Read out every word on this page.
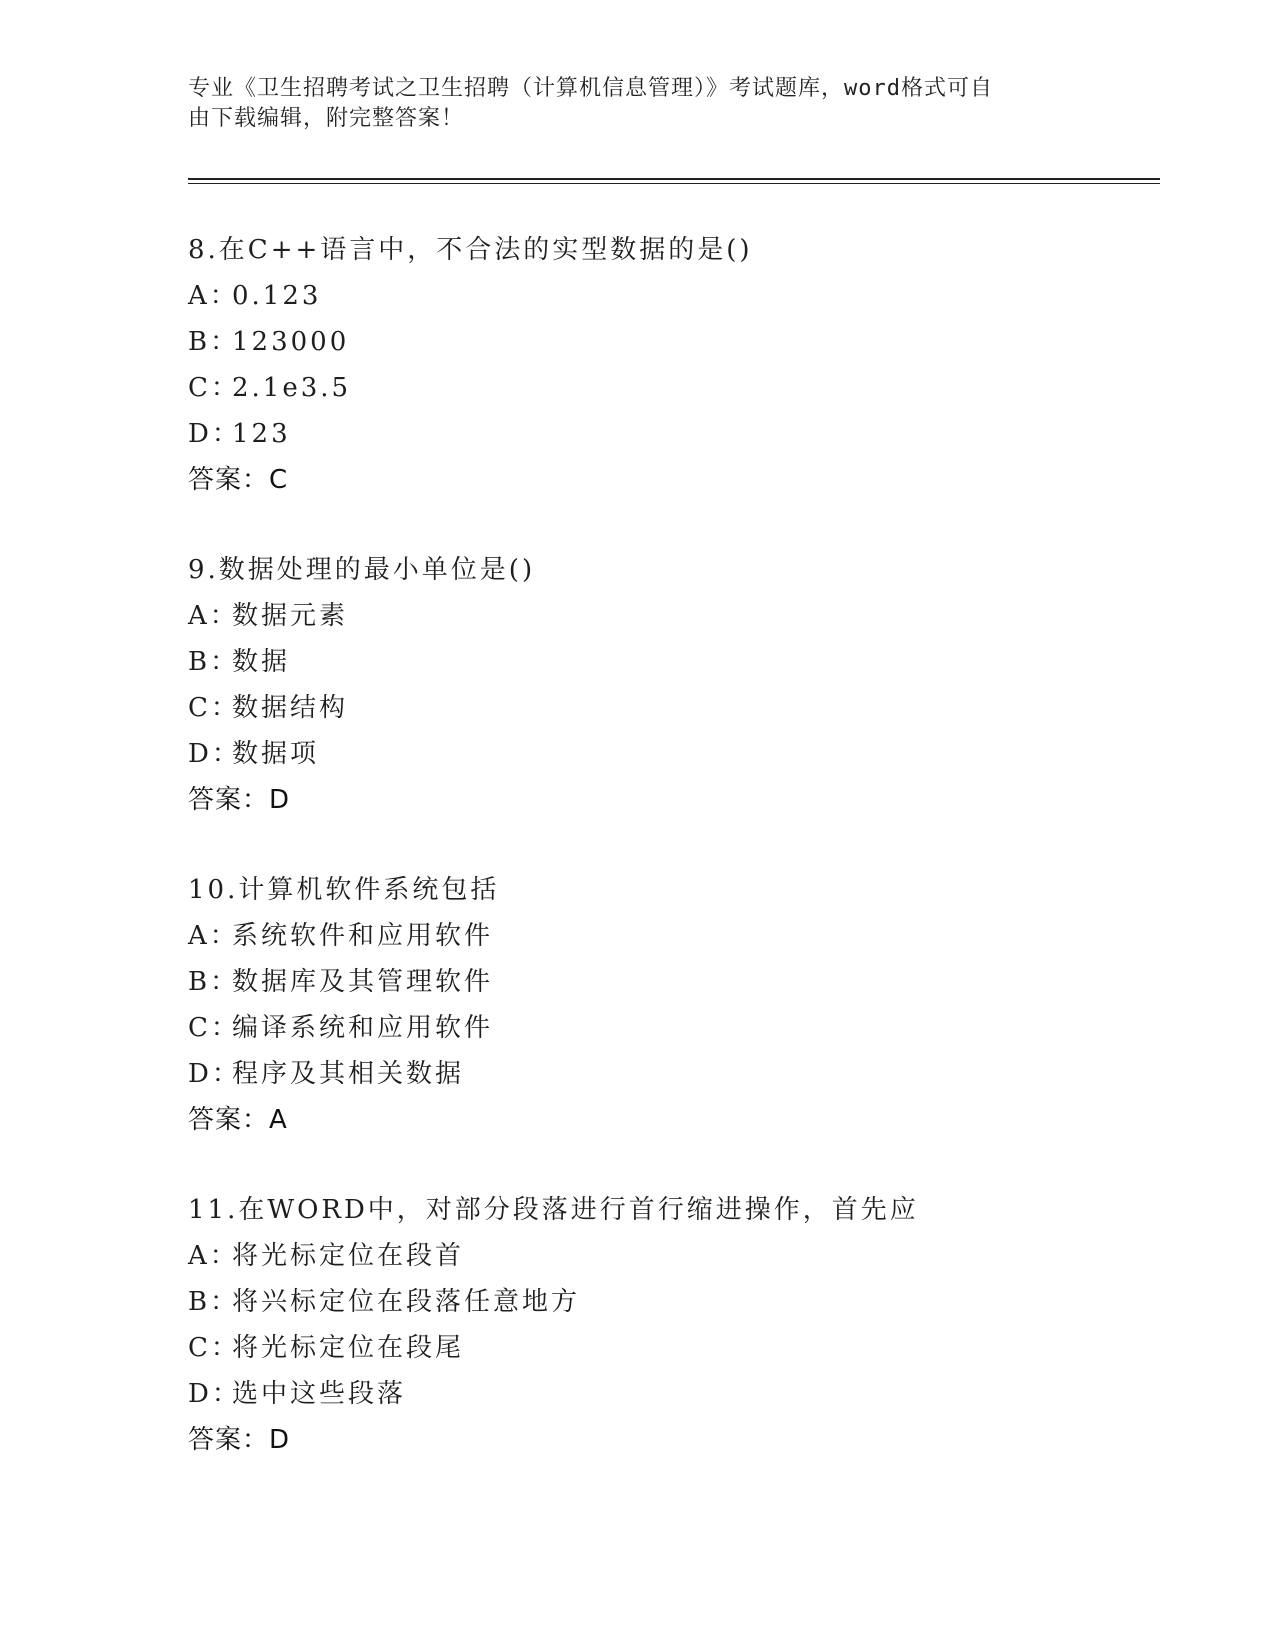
专业《卫生招聘考试之卫生招聘（计算机信息管理）》考试题库，word格式可自
由下载编辑，附完整答案！
8.在C++语言中，不合法的实型数据的是()
A：
0.123
B：
123000
C：
2.1e3.5
D：
123
答案：C
9.数据处理的最小单位是()
A：
数据元素
B：
数据
C：
数据结构
D：
数据项
答案：D
10.计算机软件系统包括
A：
系统软件和应用软件
B：
数据库及其管理软件
C：
编译系统和应用软件
D：
程序及其相关数据
答案：A
11.在WORD中，对部分段落进行首行缩进操作，首先应
A：
将光标定位在段首
B：
将兴标定位在段落任意地方
C：
将光标定位在段尾
D：
选中这些段落
答案：D
